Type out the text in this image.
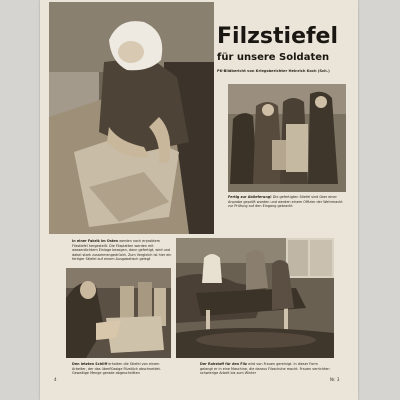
Filzstiefel
für unsere Soldaten
PK-Bildbericht von Kriegsberichter Heinrich Koch (Sch.)
Fertig zur Ablieferung! Die gefertigten Stiefel sind über einer Anprobe geprüft worden und werden einem Offizier der Wehrmacht zur Prüfung auf den Eingang gebracht
In einer Fabrik im Osten werden nach erprobtem Filzstiefel hergestellt. Die Filzplatten werden mit wasserdichtem Einlage bezogen, dann gefertigt, wird und dabei stark zusammengedrückt. Zum Vergleich ist hier ein fertiger Stiefel auf einem Ausgabetisch gelegt
Den letzten Schliff erhalten die Stiefel von einem Arbeiter, der das überflüssige Filzstück abschneidet. Gewaltige Menge gerade abgeschnitten
Der Rohstoff für den Filz wird von Frauen gereinigt. In dieser Form gelangt er in eine Maschine, die daraus Filzschuhe macht. Frauen verrichten schwierige Arbeit bis zum Winter
4	Nr. 3
